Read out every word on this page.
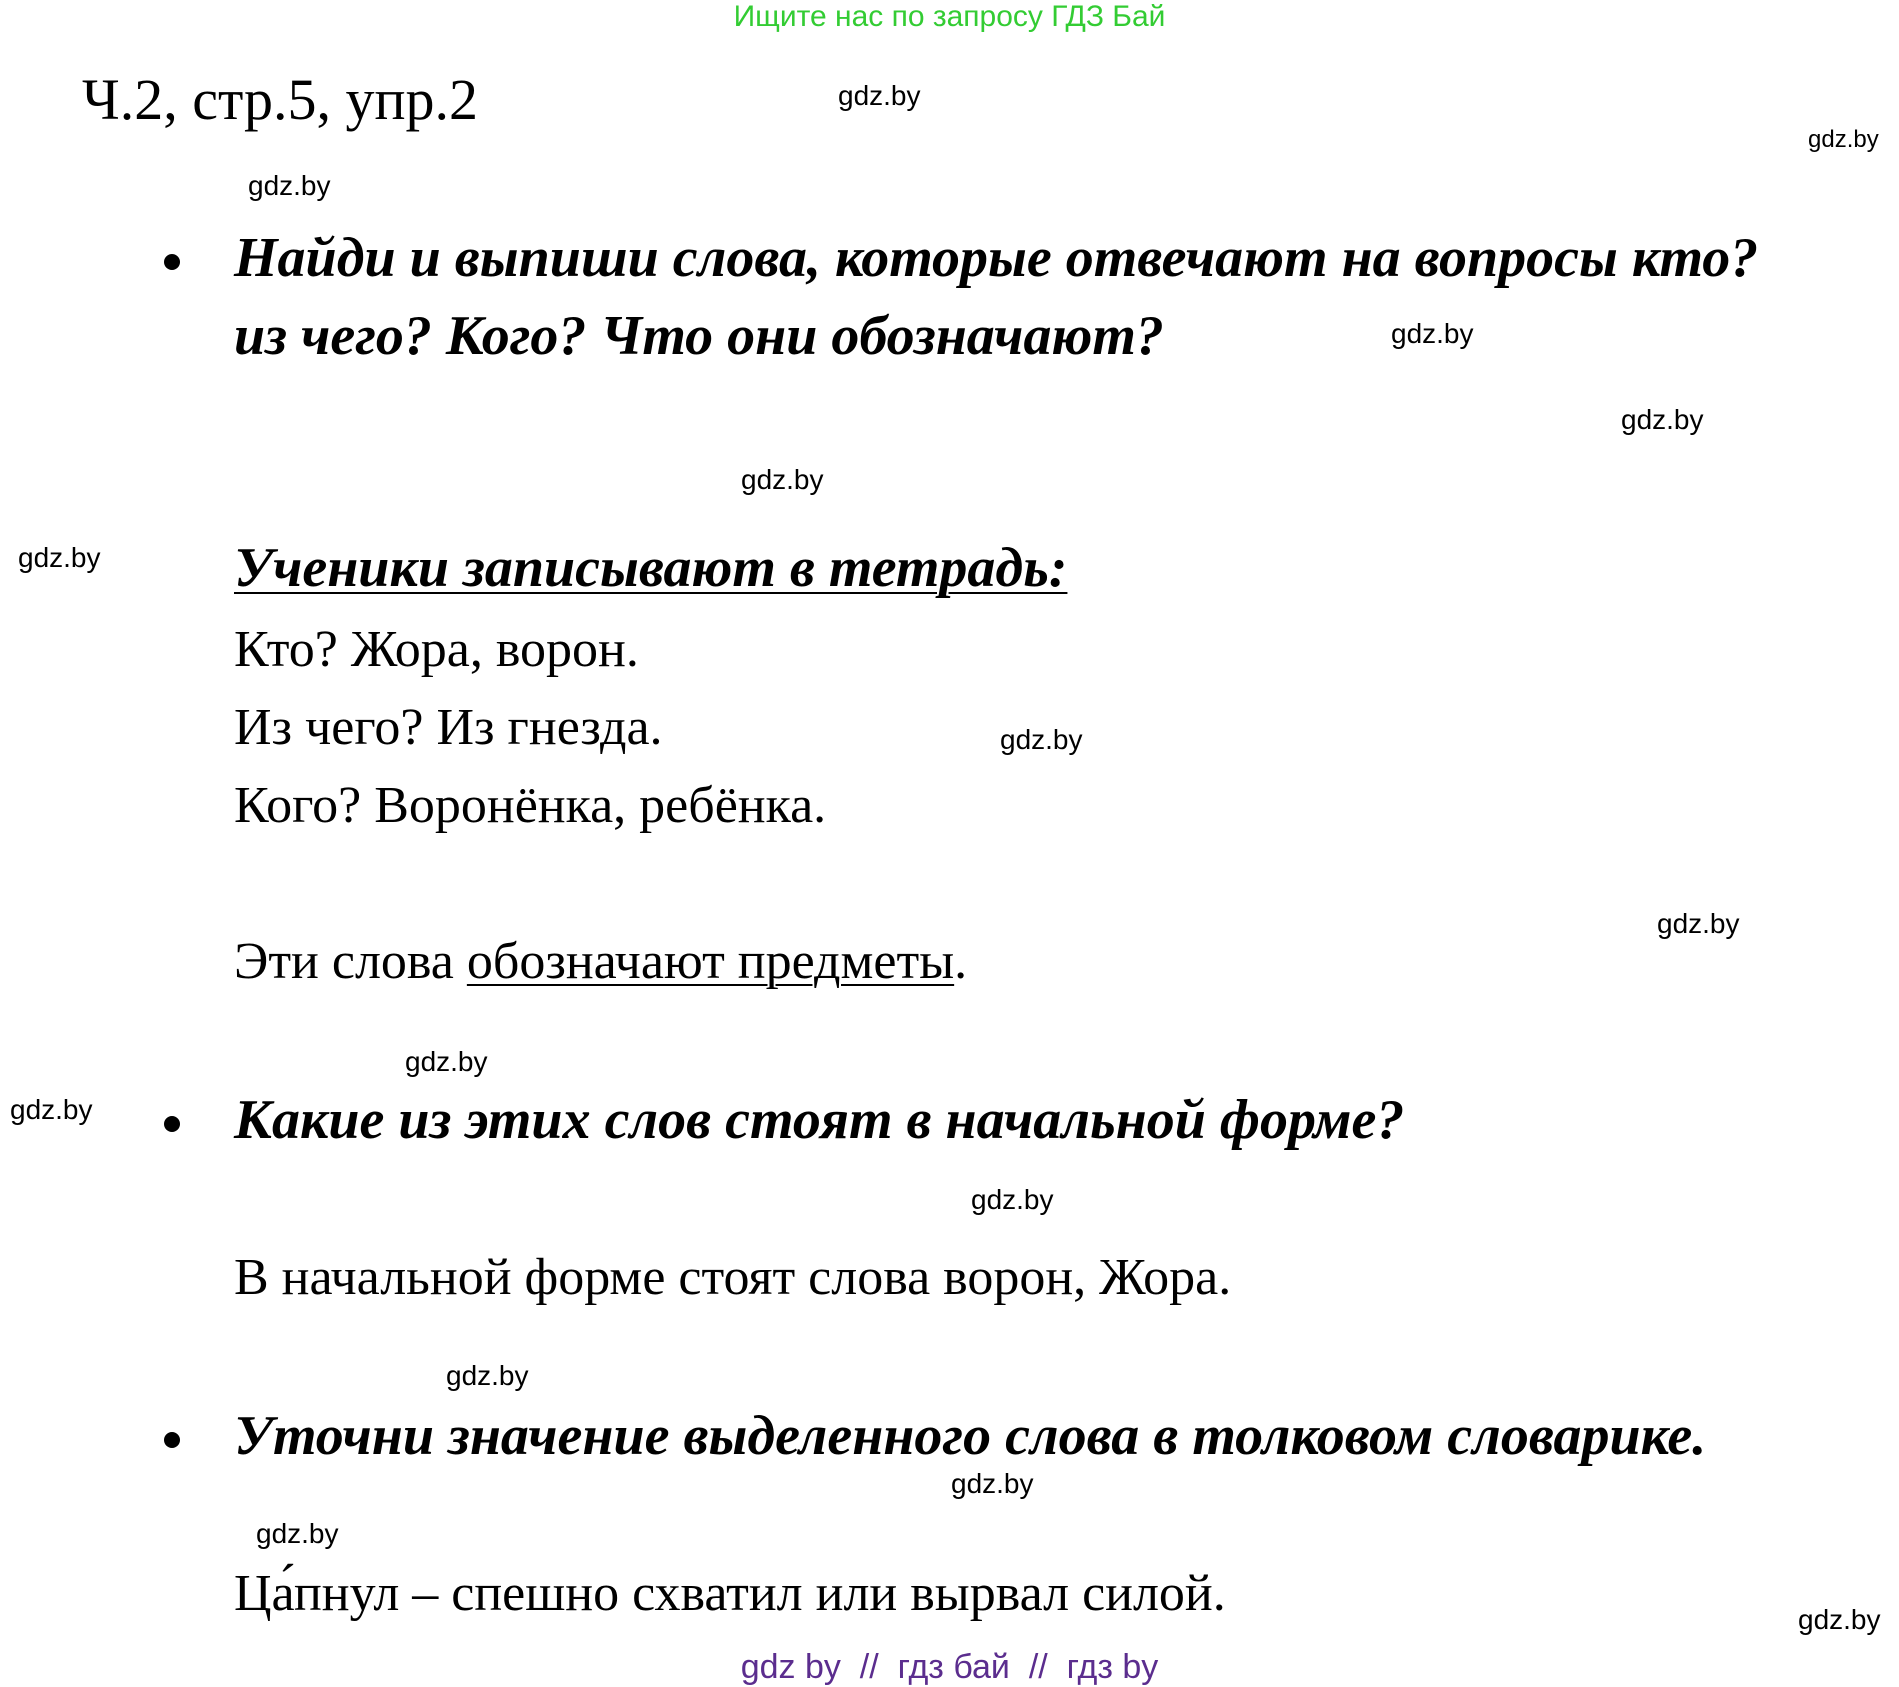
Ищите нас по запросу ГДЗ Бай
Ч.2, стр.5, упр.2	gdz.by
gdz.by
gdz.by
gdz.by
gdz.by
gdz.by
gdz.by
gdz.by
gdz.by
gdz.by
gdz.by
gdz.by
gdz.by
gdz.by
gdz.by
gdz.by
Найди и выпиши слова, которые отвечают на вопросы кто?
из чего? Кого? Что они обозначают?
Ученики записывают в тетрадь:
Кто? Жора, ворон.
Из чего? Из гнезда.
Кого? Воронёнка, ребёнка.
Эти слова обозначают предметы.
Какие из этих слов стоят в начальной форме?
В начальной форме стоят слова ворон, Жора.
Уточни значение выделенного слова в толковом словарике.
Ца́пнул – спешно схватил или вырвал силой.
gdz by  //  гдз бай  //  гдз by
